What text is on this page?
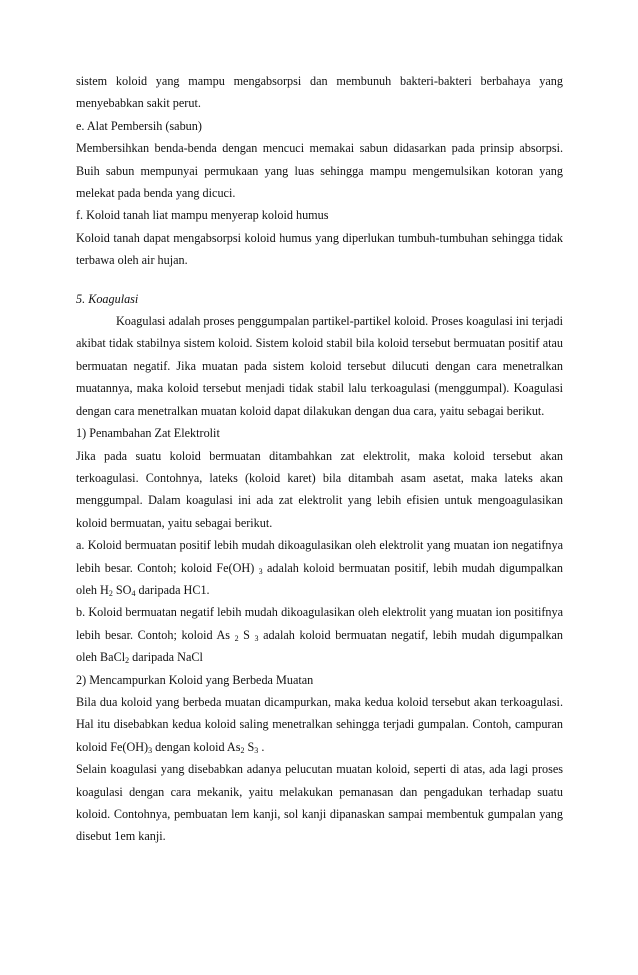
sistem koloid yang mampu mengabsorpsi dan membunuh bakteri-bakteri berbahaya yang menyebabkan sakit perut.

e. Alat Pembersih (sabun)

Membersihkan benda-benda dengan mencuci memakai sabun didasarkan pada prinsip absorpsi. Buih sabun mempunyai permukaan yang luas sehingga mampu mengemulsikan kotoran yang melekat pada benda yang dicuci.

f. Koloid tanah liat mampu menyerap koloid humus

Koloid tanah dapat mengabsorpsi koloid humus yang diperlukan tumbuh-tumbuhan sehingga tidak terbawa oleh air hujan.

5. Koagulasi

Koagulasi adalah proses penggumpalan partikel-partikel koloid. Proses koagulasi ini terjadi akibat tidak stabilnya sistem koloid. Sistem koloid stabil bila koloid tersebut bermuatan positif atau bermuatan negatif. Jika muatan pada sistem koloid tersebut dilucuti dengan cara menetralkan muatannya, maka koloid tersebut menjadi tidak stabil lalu terkoagulasi (menggumpal). Koagulasi dengan cara menetralkan muatan koloid dapat dilakukan dengan dua cara, yaitu sebagai berikut.

1) Penambahan Zat Elektrolit

Jika pada suatu koloid bermuatan ditambahkan zat elektrolit, maka koloid tersebut akan terkoagulasi. Contohnya, lateks (koloid karet) bila ditambah asam asetat, maka lateks akan menggumpal. Dalam koagulasi ini ada zat elektrolit yang lebih efisien untuk mengoagulasikan koloid bermuatan, yaitu sebagai berikut.

a. Koloid bermuatan positif lebih mudah dikoagulasikan oleh elektrolit yang muatan ion negatifnya lebih besar. Contoh; koloid Fe(OH) $_3$ adalah koloid bermuatan positif, lebih mudah digumpalkan oleh $H_2$ $SO_4$ daripada HC1.

b. Koloid bermuatan negatif lebih mudah dikoagulasikan oleh elektrolit yang muatan ion positifnya lebih besar. Contoh; koloid As $_2$ S $_3$ adalah koloid bermuatan negatif, lebih mudah digumpalkan oleh BaCl$_2$ daripada NaCl

2) Mencampurkan Koloid yang Berbeda Muatan

Bila dua koloid yang berbeda muatan dicampurkan, maka kedua koloid tersebut akan terkoagulasi. Hal itu disebabkan kedua koloid saling menetralkan sehingga terjadi gumpalan. Contoh, campuran koloid $Fe(OH)_3$ dengan koloid $As_2$ $S_3$ .

Selain koagulasi yang disebabkan adanya pelucutan muatan koloid, seperti di atas, ada lagi proses koagulasi dengan cara mekanik, yaitu melakukan pemanasan dan pengadukan terhadap suatu koloid. Contohnya, pembuatan lem kanji, sol kanji dipanaskan sampai membentuk gumpalan yang disebut 1em kanji.
